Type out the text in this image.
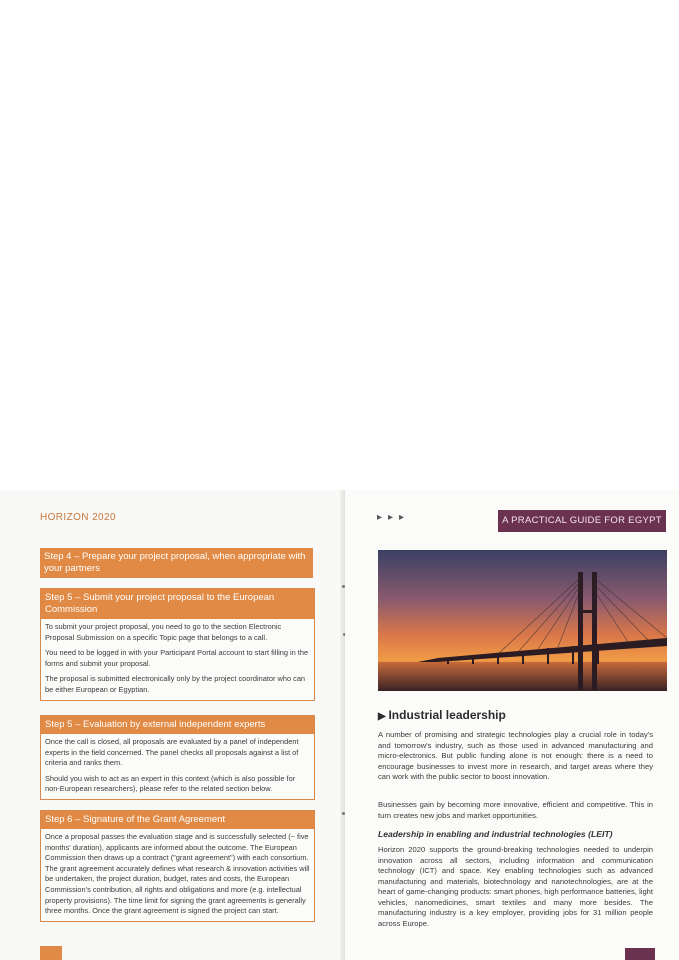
HORIZON 2020
Step 4 – Prepare your project proposal, when appropriate with your partners
Step 5 – Submit your project proposal to the European Commission

To submit your project proposal, you need to go to the section Electronic Proposal Submission on a specific Topic page that belongs to a call.

You need to be logged in with your Participant Portal account to start filling in the forms and submit your proposal.

The proposal is submitted electronically only by the project coordinator who can be either European or Egyptian.

Step 5 – Evaluation by external independent experts

Once the call is closed, all proposals are evaluated by a panel of independent experts in the field concerned. The panel checks all proposals against a list of criteria and ranks them.

Should you wish to act as an expert in this context (which is also possible for non-European researchers), please refer to the related section below.

Step 6 – Signature of the Grant Agreement

Once a proposal passes the evaluation stage and is successfully selected (~ five months' duration), applicants are informed about the outcome. The European Commission then draws up a contract ("grant agreement") with each consortium. The grant agreement accurately defines what research & innovation activities will be undertaken, the project duration, budget, rates and costs, the European Commission's contribution, all rights and obligations and more (e.g. intellectual property provisions). The time limit for signing the grant agreements is generally three months. Once the grant agreement is signed the project can start.

▸▸▸	A PRACTICAL GUIDE FOR EGYPT
▶ Industrial leadership
A number of promising and strategic technologies play a crucial role in today's and tomorrow's industry, such as those used in advanced manufacturing and micro-electronics. But public funding alone is not enough: there is a need to encourage businesses to invest more in research, and target areas where they can work with the public sector to boost innovation.
Businesses gain by becoming more innovative, efficient and competitive. This in turn creates new jobs and market opportunities.
Leadership in enabling and industrial technologies (LEIT)
Horizon 2020 supports the ground-breaking technologies needed to underpin innovation across all sectors, including information and communication technology (ICT) and space. Key enabling technologies such as advanced manufacturing and materials, biotechnology and nanotechnologies, are at the heart of game-changing products: smart phones, high performance batteries, light vehicles, nanomedicines, smart textiles and many more besides. The manufacturing industry is a key employer, providing jobs for 31 million people across Europe.
